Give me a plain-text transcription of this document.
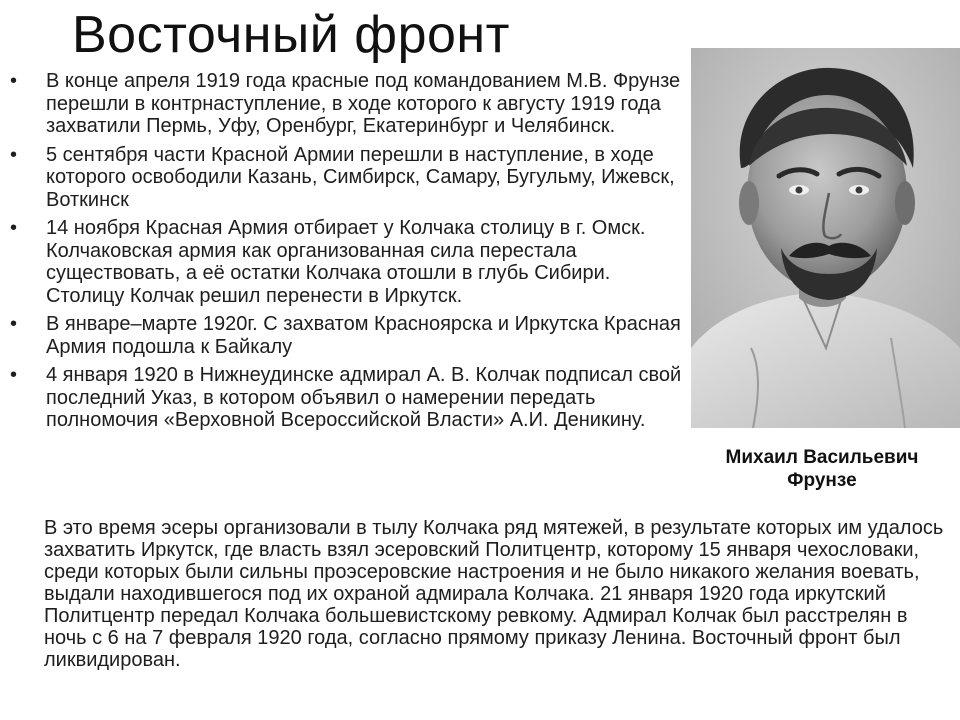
Восточный фронт
•	В конце апреля 1919 года красные под командованием М.В. Фрунзе перешли в контрнаступление, в ходе которого к августу 1919 года захватили Пермь, Уфу, Оренбург, Екатеринбург и Челябинск.
•	5 сентября части Красной Армии перешли в наступление, в ходе которого освободили Казань, Симбирск, Самару, Бугульму, Ижевск, Воткинск
•	14 ноября Красная Армия отбирает у Колчака столицу в г. Омск. Колчаковская армия как организованная сила перестала существовать, а её остатки Колчака отошли в глубь Сибири. Столицу Колчак решил перенести в Иркутск.
•	В январе–марте 1920г. С захватом Красноярска и Иркутска Красная Армия подошла к Байкалу
•	4 января 1920 в Нижнеудинске адмирал А. В. Колчак подписал свой последний Указ, в котором объявил о намерении передать полномочия «Верховной Всероссийской Власти» А.И. Деникину.
Михаил Васильевич
Фрунзе

В это время эсеры организовали в тылу Колчака ряд мятежей, в результате которых им удалось захватить Иркутск, где власть взял эсеровский Политцентр, которому 15 января чехословаки, среди которых были сильны проэсеровские настроения и не было никакого желания воевать, выдали находившегося под их охраной адмирала Колчака. 21 января 1920 года иркутский Политцентр передал Колчака большевистскому ревкому. Адмирал Колчак был расстрелян в ночь с 6 на 7 февраля 1920 года, согласно прямому приказу Ленина. Восточный фронт был ликвидирован.
